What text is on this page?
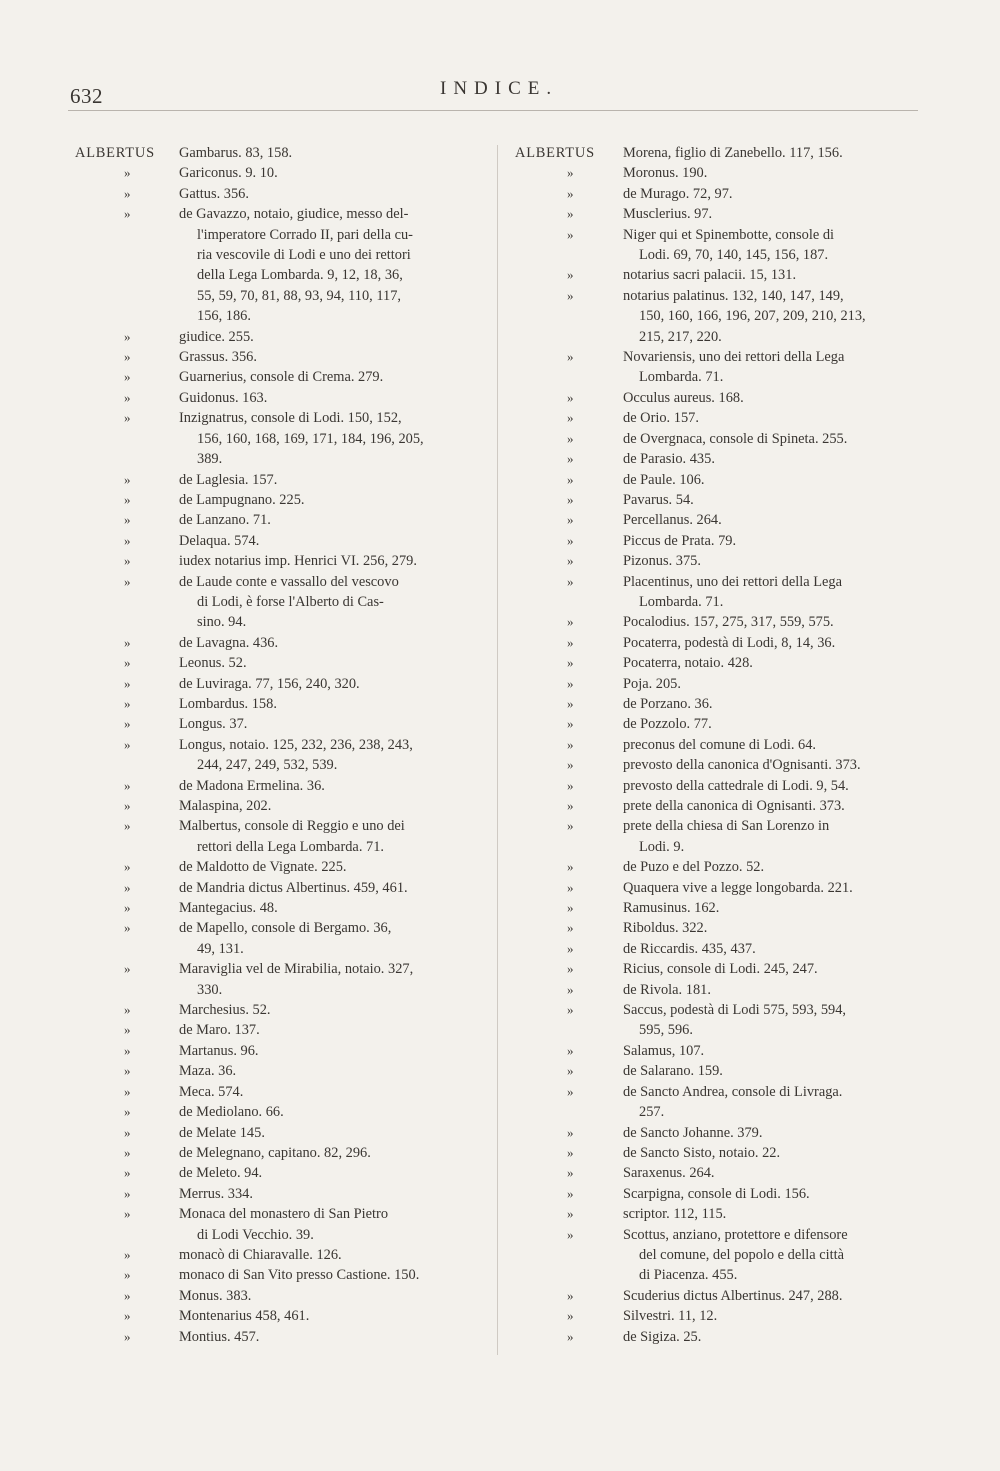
632	INDICE.
ALBERTUS	Gambarus. 83, 158.
»	Gariconus. 9. 10.
»	Gattus. 356.
»	de Gavazzo, notaio, giudice, messo del-
l'imperatore Corrado II, pari della cu-
ria vescovile di Lodi e uno dei rettori
della Lega Lombarda. 9, 12, 18, 36,
55, 59, 70, 81, 88, 93, 94, 110, 117,
156, 186.
»	giudice. 255.
»	Grassus. 356.
»	Guarnerius, console di Crema. 279.
»	Guidonus. 163.
»	Inzignatrus, console di Lodi. 150, 152,
156, 160, 168, 169, 171, 184, 196, 205,
389.
»	de Laglesia. 157.
»	de Lampugnano. 225.
»	de Lanzano. 71.
»	Delaqua. 574.
»	iudex notarius imp. Henrici VI. 256, 279.
»	de Laude conte e vassallo del vescovo
di Lodi, è forse l'Alberto di Cas-
sino. 94.
»	de Lavagna. 436.
»	Leonus. 52.
»	de Luviraga. 77, 156, 240, 320.
»	Lombardus. 158.
»	Longus. 37.
»	Longus, notaio. 125, 232, 236, 238, 243,
244, 247, 249, 532, 539.
»	de Madona Ermelina. 36.
»	Malaspina, 202.
»	Malbertus, console di Reggio e uno dei
rettori della Lega Lombarda. 71.
»	de Maldotto de Vignate. 225.
»	de Mandria dictus Albertinus. 459, 461.
»	Mantegacius. 48.
»	de Mapello, console di Bergamo. 36,
49, 131.
»	Maraviglia vel de Mirabilia, notaio. 327,
330.
»	Marchesius. 52.
»	de Maro. 137.
»	Martanus. 96.
»	Maza. 36.
»	Meca. 574.
»	de Mediolano. 66.
»	de Melate 145.
»	de Melegnano, capitano. 82, 296.
»	de Meleto. 94.
»	Merrus. 334.
»	Monaca del monastero di San Pietro
di Lodi Vecchio. 39.
»	monacò di Chiaravalle. 126.
»	monaco di San Vito presso Castione. 150.
»	Monus. 383.
»	Montenarius 458, 461.
»	Montius. 457.
ALBERTUS	Morena, figlio di Zanebello. 117, 156.
»	Moronus. 190.
»	de Murago. 72, 97.
»	Musclerius. 97.
»	Niger qui et Spinembotte, console di
Lodi. 69, 70, 140, 145, 156, 187.
»	notarius sacri palacii. 15, 131.
»	notarius palatinus. 132, 140, 147, 149,
150, 160, 166, 196, 207, 209, 210, 213,
215, 217, 220.
»	Novariensis, uno dei rettori della Lega
Lombarda. 71.
»	Occulus aureus. 168.
»	de Orio. 157.
»	de Overgnaca, console di Spineta. 255.
»	de Parasio. 435.
»	de Paule. 106.
»	Pavarus. 54.
»	Percellanus. 264.
»	Piccus de Prata. 79.
»	Pizonus. 375.
»	Placentinus, uno dei rettori della Lega
Lombarda. 71.
»	Pocalodius. 157, 275, 317, 559, 575.
»	Pocaterra, podestà di Lodi, 8, 14, 36.
»	Pocaterra, notaio. 428.
»	Poja. 205.
»	de Porzano. 36.
»	de Pozzolo. 77.
»	preconus del comune di Lodi. 64.
»	prevosto della canonica d'Ognisanti. 373.
»	prevosto della cattedrale di Lodi. 9, 54.
»	prete della canonica di Ognisanti. 373.
»	prete della chiesa di San Lorenzo in
Lodi. 9.
»	de Puzo e del Pozzo. 52.
»	Quaquera vive a legge longobarda. 221.
»	Ramusinus. 162.
»	Riboldus. 322.
»	de Riccardis. 435, 437.
»	Ricius, console di Lodi. 245, 247.
»	de Rivola. 181.
»	Saccus, podestà di Lodi 575, 593, 594,
595, 596.
»	Salamus, 107.
»	de Salarano. 159.
»	de Sancto Andrea, console di Livraga.
257.
»	de Sancto Johanne. 379.
»	de Sancto Sisto, notaio. 22.
»	Saraxenus. 264.
»	Scarpigna, console di Lodi. 156.
»	scriptor. 112, 115.
»	Scottus, anziano, protettore e difensore
del comune, del popolo e della città
di Piacenza. 455.
»	Scuderius dictus Albertinus. 247, 288.
»	Silvestri. 11, 12.
»	de Sigiza. 25.
